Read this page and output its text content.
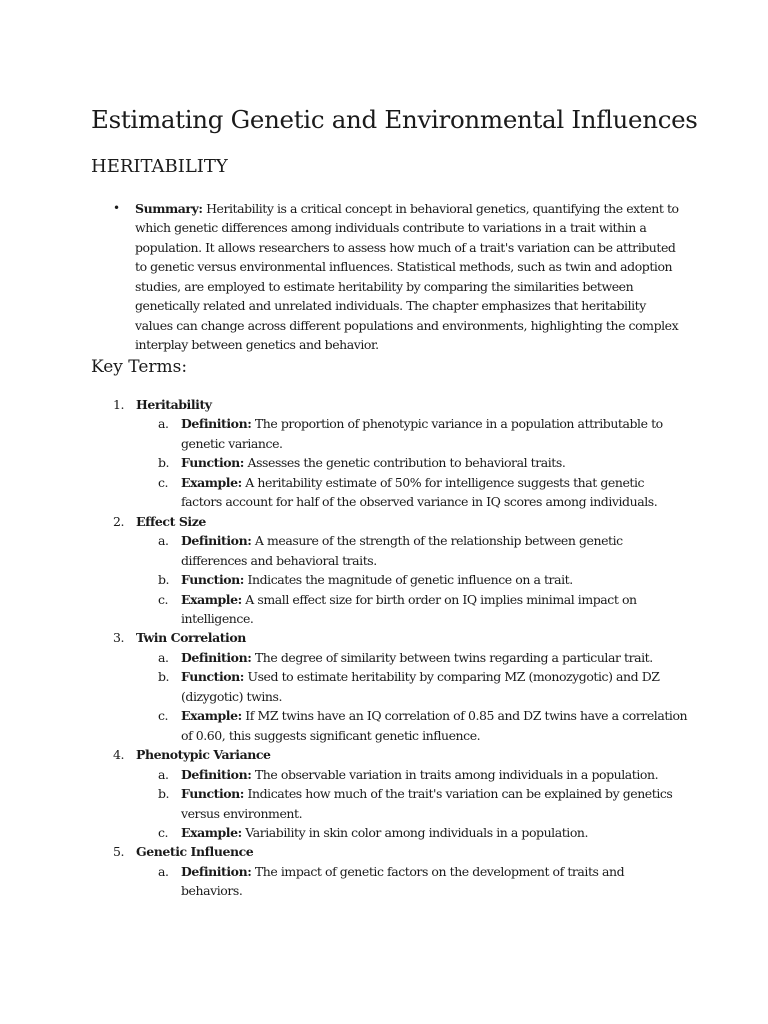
Estimating Genetic and Environmental Influences
HERITABILITY
• Summary: Heritability is a critical concept in behavioral genetics, quantifying the extent to
which genetic differences among individuals contribute to variations in a trait within a
population. It allows researchers to assess how much of a trait's variation can be attributed
to genetic versus environmental influences. Statistical methods, such as twin and adoption
studies, are employed to estimate heritability by comparing the similarities between
genetically related and unrelated individuals. The chapter emphasizes that heritability
values can change across different populations and environments, highlighting the complex
interplay between genetics and behavior.
Key Terms:
1. Heritability
a. Definition: The proportion of phenotypic variance in a population attributable to
genetic variance.
b. Function: Assesses the genetic contribution to behavioral traits.
c. Example: A heritability estimate of 50% for intelligence suggests that genetic
factors account for half of the observed variance in IQ scores among individuals.
2. Effect Size
a. Definition: A measure of the strength of the relationship between genetic
differences and behavioral traits.
b. Function: Indicates the magnitude of genetic influence on a trait.
c. Example: A small effect size for birth order on IQ implies minimal impact on
intelligence.
3. Twin Correlation
a. Definition: The degree of similarity between twins regarding a particular trait.
b. Function: Used to estimate heritability by comparing MZ (monozygotic) and DZ
(dizygotic) twins.
c. Example: If MZ twins have an IQ correlation of 0.85 and DZ twins have a correlation
of 0.60, this suggests significant genetic influence.
4. Phenotypic Variance
a. Definition: The observable variation in traits among individuals in a population.
b. Function: Indicates how much of the trait's variation can be explained by genetics
versus environment.
c. Example: Variability in skin color among individuals in a population.
5. Genetic Influence
a. Definition: The impact of genetic factors on the development of traits and
behaviors.
